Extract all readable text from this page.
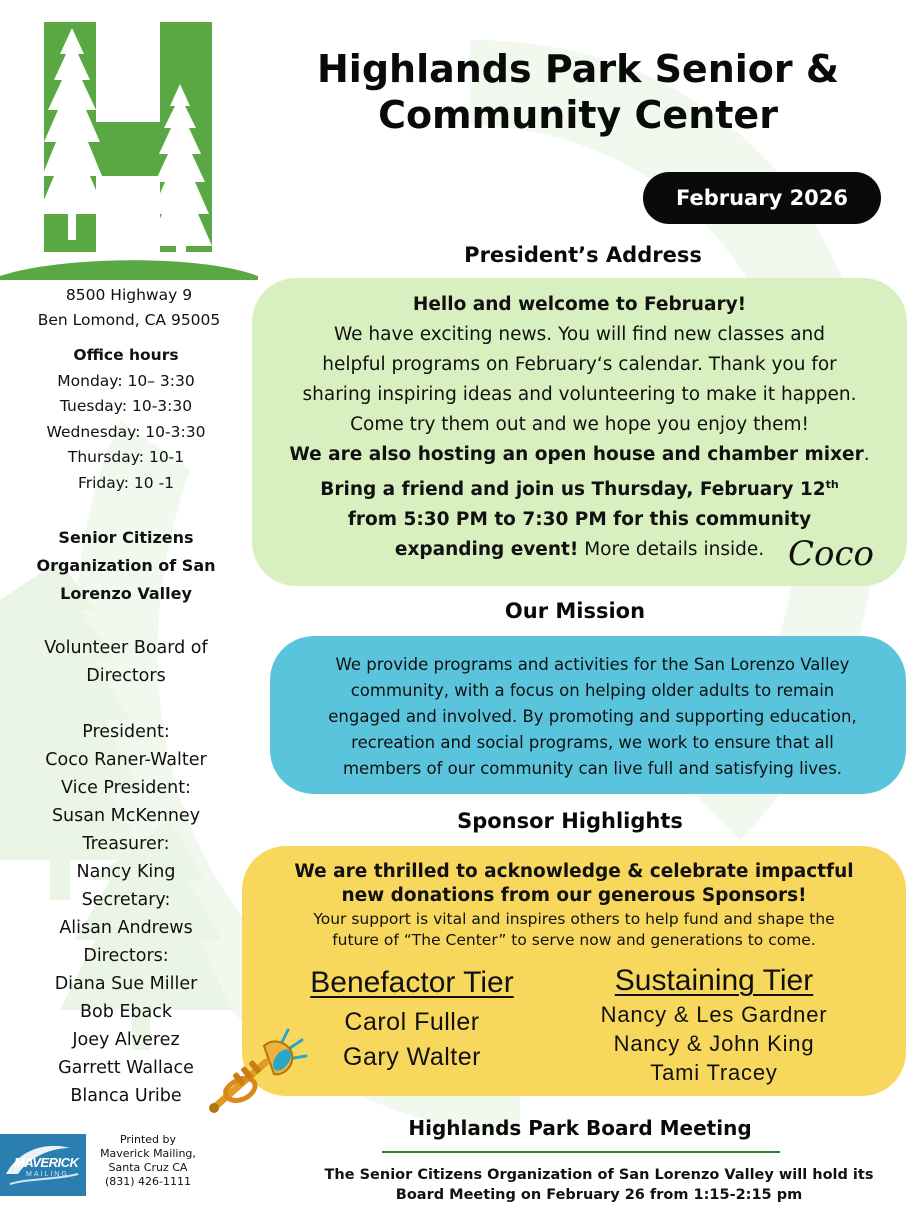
8500 Highway 9
Ben Lomond, CA 95005
Office hours
Monday: 10– 3:30
Tuesday: 10-3:30
Wednesday: 10-3:30
Thursday: 10-1
Friday: 10 -1
Senior Citizens
Organization of San
Lorenzo Valley
Volunteer Board of
Directors
President:
Coco Raner-Walter
Vice President:
Susan McKenney
Treasurer:
Nancy King
Secretary:
Alisan Andrews
Directors:
Diana Sue Miller
Bob Eback
Joey Alverez
Garrett Wallace
Blanca Uribe
Highlands Park Senior &
Community Center
February 2026
President’s Address
Hello and welcome to February!
We have exciting news. You will find new classes and
helpful programs on February‘s calendar. Thank you for
sharing inspiring ideas and volunteering to make it happen.
Come try them out and we hope you enjoy them!
We are also hosting an open house and chamber mixer.
Bring a friend and join us Thursday, February 12th
from 5:30 PM to 7:30 PM for this community
expanding event! More details inside. Coco
Our Mission
We provide programs and activities for the San Lorenzo Valley
community, with a focus on helping older adults to remain
engaged and involved. By promoting and supporting education,
recreation and social programs, we work to ensure that all
members of our community can live full and satisfying lives.
Sponsor Highlights
We are thrilled to acknowledge & celebrate impactful
new donations from our generous Sponsors!
Your support is vital and inspires others to help fund and shape the
future of “The Center” to serve now and generations to come.
Benefactor Tier
Carol Fuller
Gary Walter
Sustaining Tier
Nancy & Les Gardner
Nancy & John King
Tami Tracey
Highlands Park Board Meeting
The Senior Citizens Organization of San Lorenzo Valley will hold its
Board Meeting on February 26 from 1:15-2:15 pm
MAVERICK
MAILING
Printed by
Maverick Mailing,
Santa Cruz CA
(831) 426-1111
